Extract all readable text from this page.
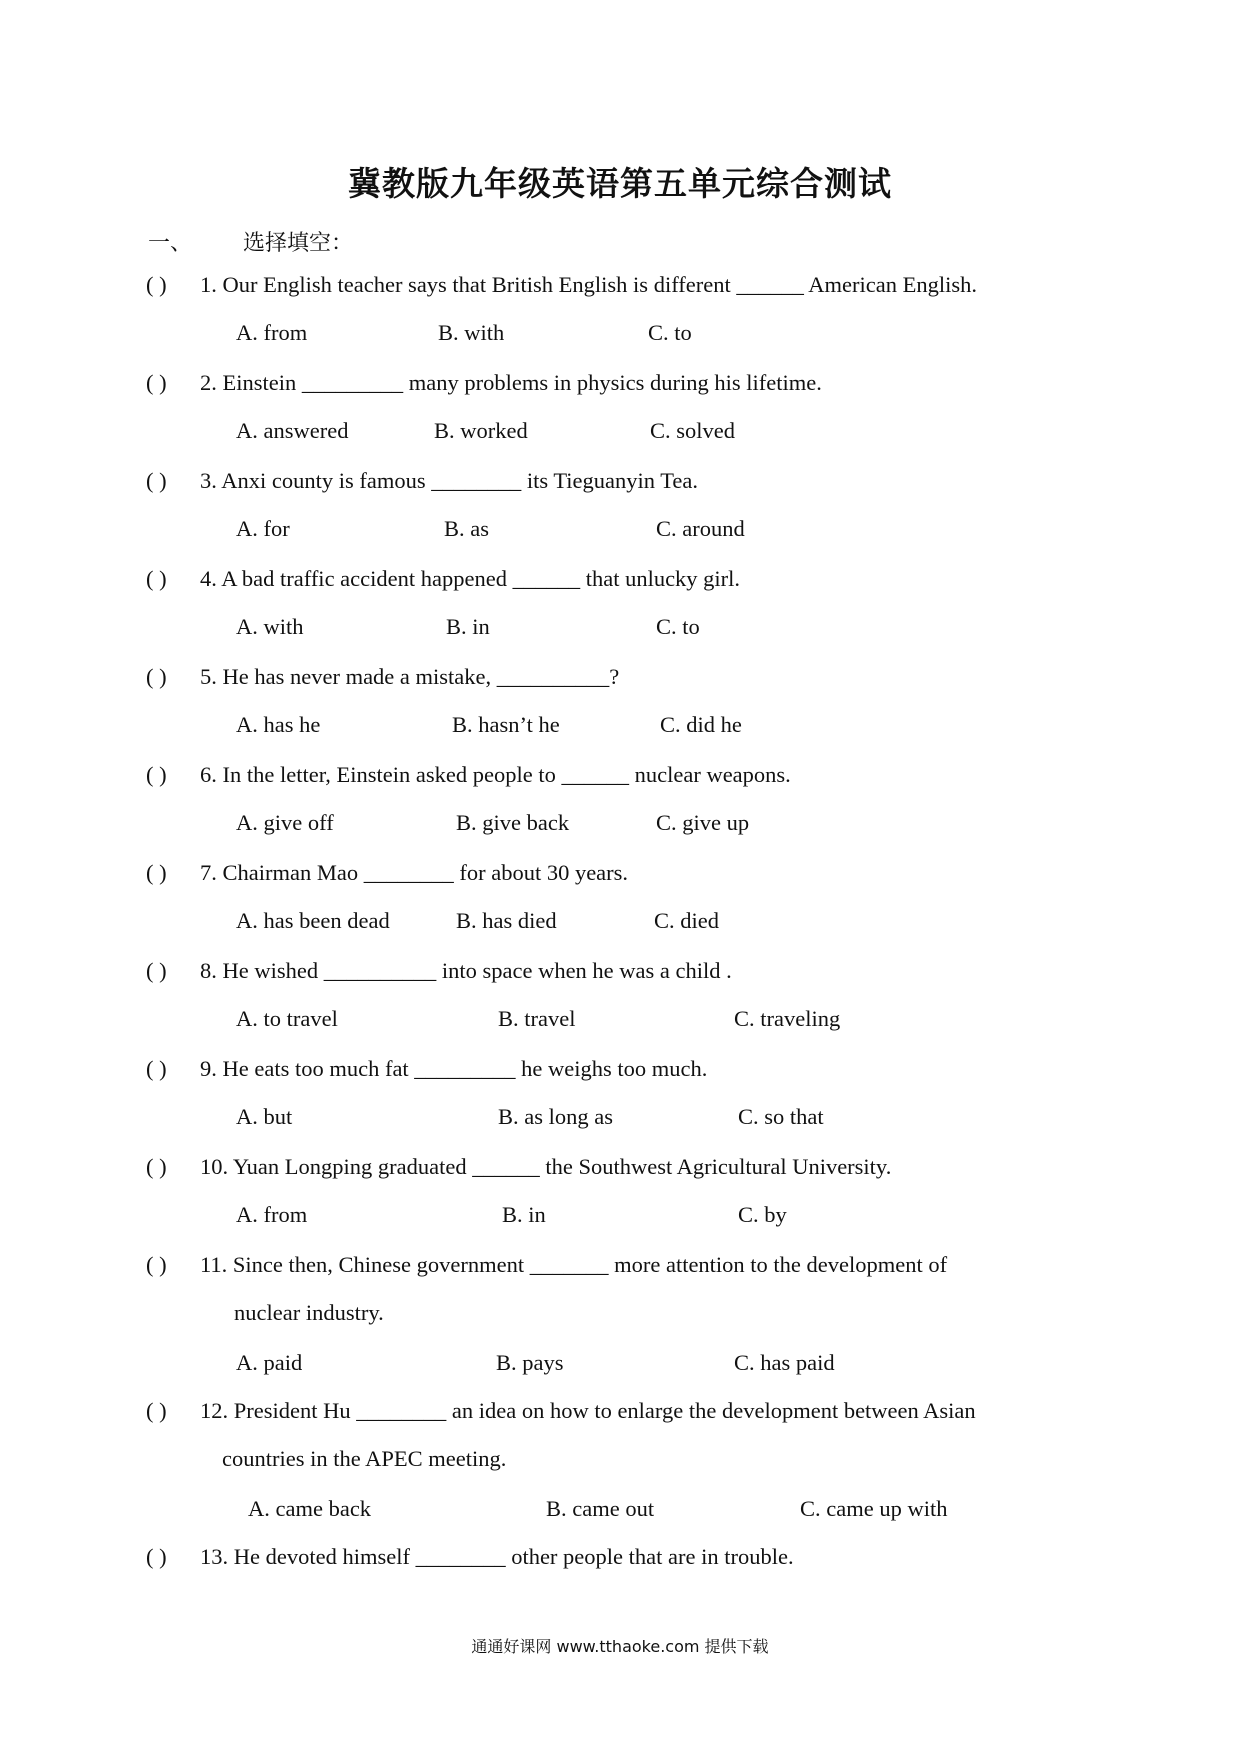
冀教版九年级英语第五单元综合测试
一、 选择填空：
( ) 1. Our English teacher says that British English is different ______ American English.
A. from	B. with	C. to
( ) 2. Einstein _________ many problems in physics during his lifetime.
A. answered	B. worked	C. solved
( ) 3. Anxi county is famous ________ its Tieguanyin Tea.
A. for	B. as	C. around
( ) 4. A bad traffic accident happened ______ that unlucky girl.
A. with	B. in	C. to
( ) 5. He has never made a mistake, __________?
A. has he	B. hasn’t he	C. did he
( ) 6. In the letter, Einstein asked people to ______ nuclear weapons.
A. give off	B. give back	C. give up
( ) 7. Chairman Mao ________ for about 30 years.
A. has been dead	B. has died	C. died
( ) 8. He wished __________ into space when he was a child .
A. to travel	B. travel	C. traveling
( ) 9. He eats too much fat _________ he weighs too much.
A. but	B. as long as	C. so that
( ) 10. Yuan Longping graduated ______ the Southwest Agricultural University.
A. from	B. in	C. by
( ) 11. Since then, Chinese government _______ more attention to the development of
nuclear industry.
A. paid	B. pays	C. has paid
( ) 12. President Hu ________ an idea on how to enlarge the development between Asian
countries in the APEC meeting.
A. came back	B. came out	C. came up with
( ) 13. He devoted himself ________ other people that are in trouble.
通通好课网 www.tthaoke.com 提供下载
